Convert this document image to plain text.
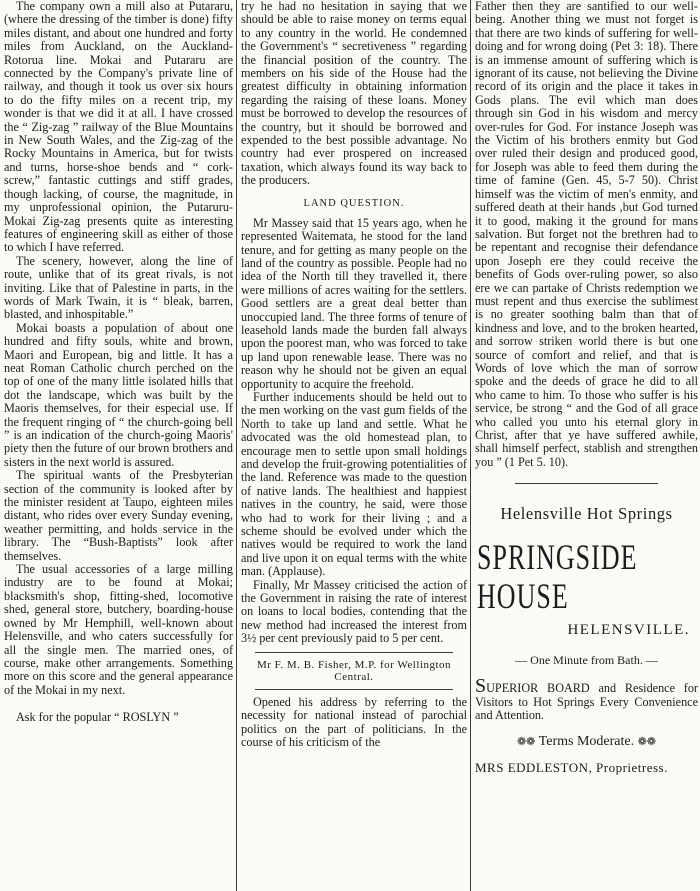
The company own a mill also at Putararu, (where the dressing of the timber is done) fifty miles distant, and about one hundred and forty miles from Auckland, on the Auckland-Rotorua line. Mokai and Putararu are connected by the Company's private line of railway, and though it took us over six hours to do the fifty miles on a recent trip, my wonder is that we did it at all. I have crossed the “ Zig-zag ” railway of the Blue Mountains in New South Wales, and the Zig-zag of the Rocky Mountains in America, but for twists and turns, horse-shoe bends and “ cork-screw,” fantastic cuttings and stiff grades, though lacking, of course, the magnitude, in my unprofessional opinion, the Putaruru-Mokai Zig-zag presents quite as interesting features of engineering skill as either of those to which I have referred.

The scenery, however, along the line of route, unlike that of its great rivals, is not inviting. Like that of Palestine in parts, in the words of Mark Twain, it is “ bleak, barren, blasted, and inhospitable.”

Mokai boasts a population of about one hundred and fifty souls, white and brown, Maori and European, big and little. It has a neat Roman Catholic church perched on the top of one of the many little isolated hills that dot the landscape, which was built by the Maoris themselves, for their especial use. If the frequent ringing of “ the church-going bell ” is an indication of the church-going Maoris' piety then the future of our brown brothers and sisters in the next world is assured.

The spiritual wants of the Presbyterian section of the community is looked after by the minister resident at Taupo, eighteen miles distant, who rides over every Sunday evening, weather permitting, and holds service in the library. The “Bush-Baptists” look after themselves.

The usual accessories of a large milling industry are to be found at Mokai; blacksmith's shop, fitting-shed, locomotive shed, general store, butchery, boarding-house owned by Mr Hemphill, well-known about Helensville, and who caters successfully for all the single men. The married ones, of course, make other arrangements. Something more on this score and the general appearance of the Mokai in my next.

Ask for the popular “ ROSLYN ”

try he had no hesitation in saying that we should be able to raise money on terms equal to any country in the world. He condemned the Government's “ secretiveness ” regarding the financial position of the country. The members on his side of the House had the greatest difficulty in obtaining information regarding the raising of these loans. Money must be borrowed to develop the resources of the country, but it should be borrowed and expended to the best possible advantage. No country had ever prospered on increased taxation, which always found its way back to the producers.

LAND QUESTION.

Mr Massey said that 15 years ago, when he represented Waitemata, he stood for the land tenure, and for getting as many people on the land of the country as possible. People had no idea of the North till they travelled it, there were millions of acres waiting for the settlers. Good settlers are a great deal better than unoccupied land. The three forms of tenure of leasehold lands made the burden fall always upon the poorest man, who was forced to take up land upon renewable lease. There was no reason why he should not be given an equal opportunity to acquire the freehold.

Further inducements should be held out to the men working on the vast gum fields of the North to take up land and settle. What he advocated was the old homestead plan, to encourage men to settle upon small holdings and develop the fruit-growing potentialities of the land. Reference was made to the question of native lands. The healthiest and happiest natives in the country, he said, were those who had to work for their living ; and a scheme should be evolved under which the natives would be required to work the land and live upon it on equal terms with the white man. (Applause).

Finally, Mr Massey criticised the action of the Government in raising the rate of interest on loans to local bodies, contending that the new method had increased the interest from 3½ per cent previously paid to 5 per cent.

Mr F. M. B. Fisher, M.P. for Wellington Central.

Opened his address by referring to the necessity for national instead of parochial politics on the part of politicians. In the course of his criticism of the

Father then they are santified to our well-being. Another thing we must not forget is that there are two kinds of suffering for well-doing and for wrong doing (Pet 3: 18). There is an immense amount of suffering which is ignorant of its cause, not believing the Divine record of its origin and the place it takes in Gods plans. The evil which man does through sin God in his wisdom and mercy over-rules for God. For instance Joseph was the Victim of his brothers enmity but God over ruled their design and produced good, for Joseph was able to feed them during the time of famine (Gen. 45, 5-7 50). Christ himself was the victim of men's enmity, and suffered death at their hands ,but God turned it to good, making it the ground for mans salvation. But forget not the brethren had to be repentant and recognise their defendance upon Joseph ere they could receive the benefits of Gods over-ruling power, so also ere we can partake of Christs redemption we must repent and thus exercise the sublimest is no greater soothing balm than that of kindness and love, and to the broken hearted, and sorrow striken world there is but one source of comfort and relief, and that is Words of love which the man of sorrow spoke and the deeds of grace he did to all who came to him. To those who suffer is his service, be strong “ and the God of all grace who called you unto his eternal glory in Christ, after that ye have suffered awhile, shall himself perfect, stablish and strengthen you ” (1 Pet 5. 10).

Helensville Hot Springs
SPRINGSIDE
HOUSE
HELENSVILLE.
— One Minute from Bath. —

SUPERIOR BOARD and Residence for Visitors to Hot Springs Every Convenience and Attention.

❁❁ Terms Moderate. ❁❁
MRS EDDLESTON, Proprietress.
